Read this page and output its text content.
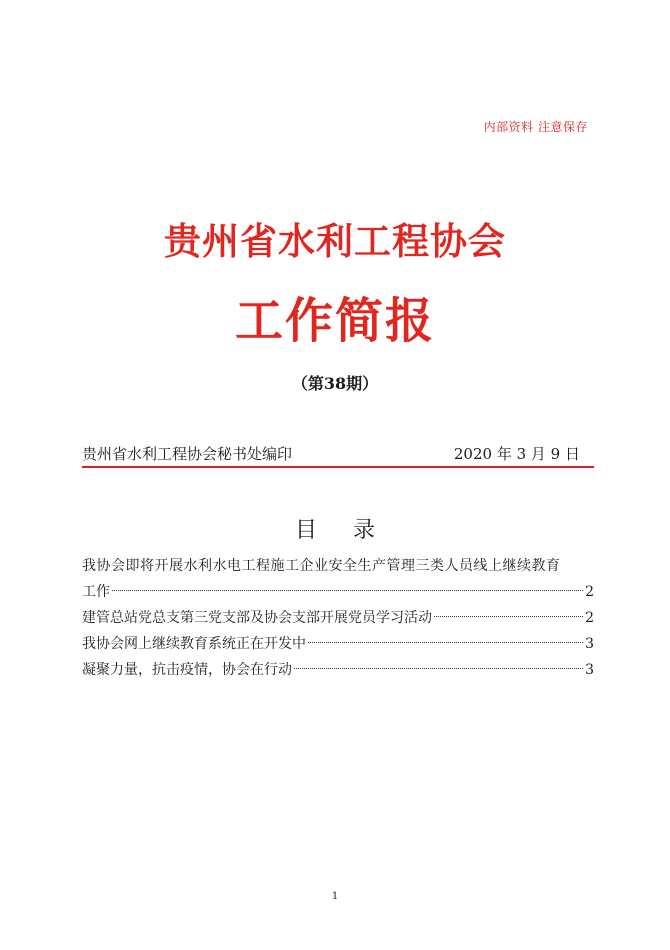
内部资料 注意保存
贵州省水利工程协会
工作简报
（第38期）
贵州省水利工程协会秘书处编印	2020 年 3 月 9 日
目录
我协会即将开展水利水电工程施工企业安全生产管理三类人员线上继续教育
工作	2
建管总站党总支第三党支部及协会支部开展党员学习活动	2
我协会网上继续教育系统正在开发中	3
凝聚力量，抗击疫情，协会在行动	3
1
